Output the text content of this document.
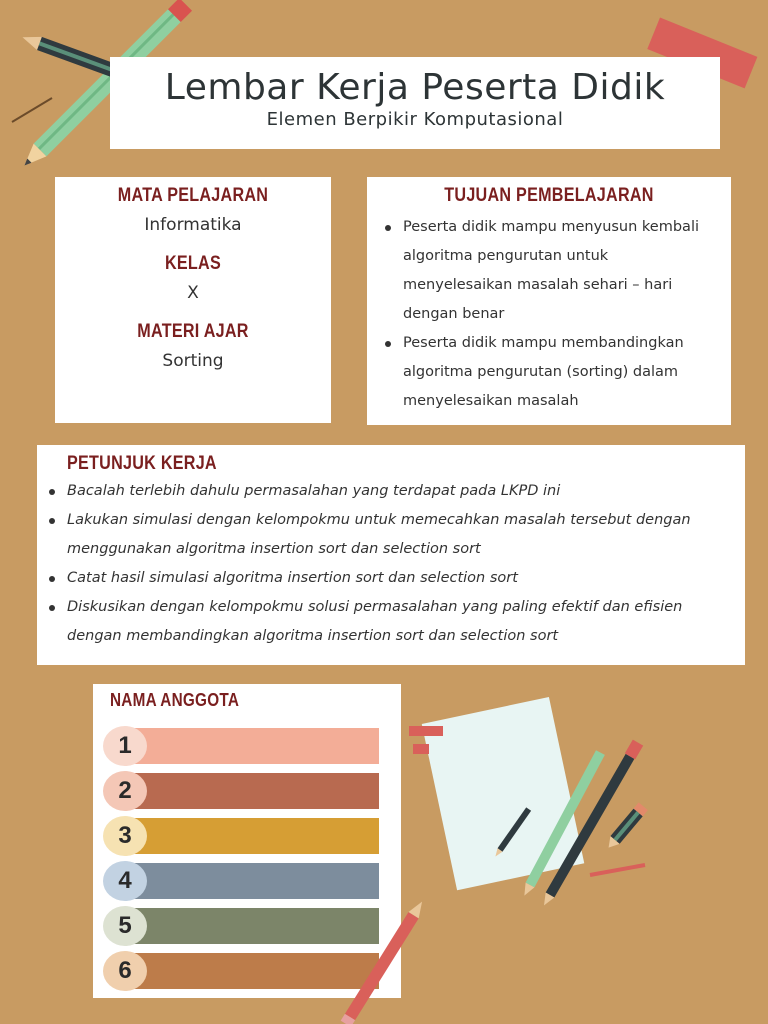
Lembar Kerja Peserta Didik
Elemen Berpikir Komputasional
MATA PELAJARAN
Informatika
KELAS
X
MATERI AJAR
Sorting
TUJUAN PEMBELAJARAN
Peserta didik mampu menyusun kembali algoritma pengurutan untuk menyelesaikan masalah sehari – hari dengan benar
Peserta didik mampu membandingkan algoritma pengurutan (sorting) dalam menyelesaikan masalah
PETUNJUK KERJA
Bacalah terlebih dahulu permasalahan yang terdapat pada LKPD ini
Lakukan simulasi dengan kelompokmu untuk memecahkan masalah tersebut dengan menggunakan algoritma insertion sort dan selection sort
Catat hasil simulasi algoritma insertion sort dan selection sort
Diskusikan dengan kelompokmu solusi permasalahan yang paling efektif dan efisien dengan membandingkan algoritma insertion sort dan selection sort
NAMA ANGGOTA
1
2
3
4
5
6
